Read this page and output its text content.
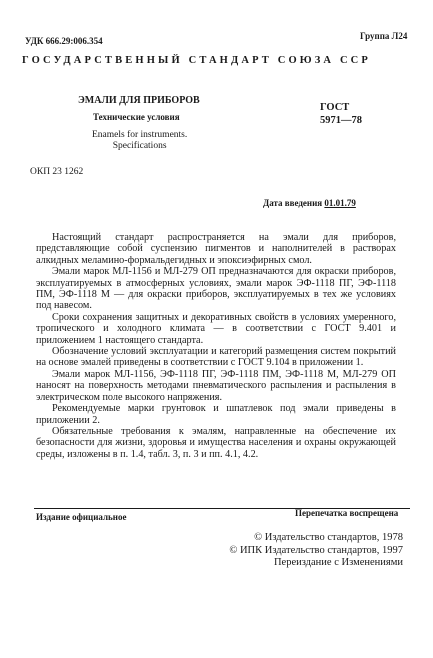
УДК 666.29:006.354	Группа Л24
ГОСУДАРСТВЕННЫЙ СТАНДАРТ СОЮЗА ССР
ЭМАЛИ ДЛЯ ПРИБОРОВ
Технические условия
Enamels for instruments.
Specifications
ГОСТ
5971—78
ОКП 23 1262
Дата введения 01.01.79

Настоящий стандарт распространяется на эмали для приборов, представляющие собой суспензию пигментов и наполнителей в растворах алкидных меламино-формальдегидных и эпоксиэфирных смол.

Эмали марок МЛ-1156 и МЛ-279 ОП предназначаются для окраски приборов, эксплуатируемых в атмосферных условиях, эмали марок ЭФ-1118 ПГ, ЭФ-1118 ПМ, ЭФ-1118 М — для окраски приборов, эксплуатируемых в тех же условиях под навесом.

Сроки сохранения защитных и декоративных свойств в условиях умеренного, тропического и холодного климата — в соответствии с ГОСТ 9.401 и приложением 1 настоящего стандарта.

Обозначение условий эксплуатации и категорий размещения систем покрытий на основе эмалей приведены в соответствии с ГОСТ 9.104 в приложении 1.

Эмали марок МЛ-1156, ЭФ-1118 ПГ, ЭФ-1118 ПМ, ЭФ-1118 М, МЛ-279 ОП наносят на поверхность методами пневматического распыления и распыления в электрическом поле высокого напряжения.

Рекомендуемые марки грунтовок и шпатлевок под эмали приведены в приложении 2.

Обязательные требования к эмалям, направленные на обеспечение их безопасности для жизни, здоровья и имущества населения и охраны окружающей среды, изложены в п. 1.4, табл. 3, п. 3 и пп. 4.1, 4.2.

Издание официальное	Перепечатка воспрещена
© Издательство стандартов, 1978
© ИПК Издательство стандартов, 1997
Переиздание с Изменениями
